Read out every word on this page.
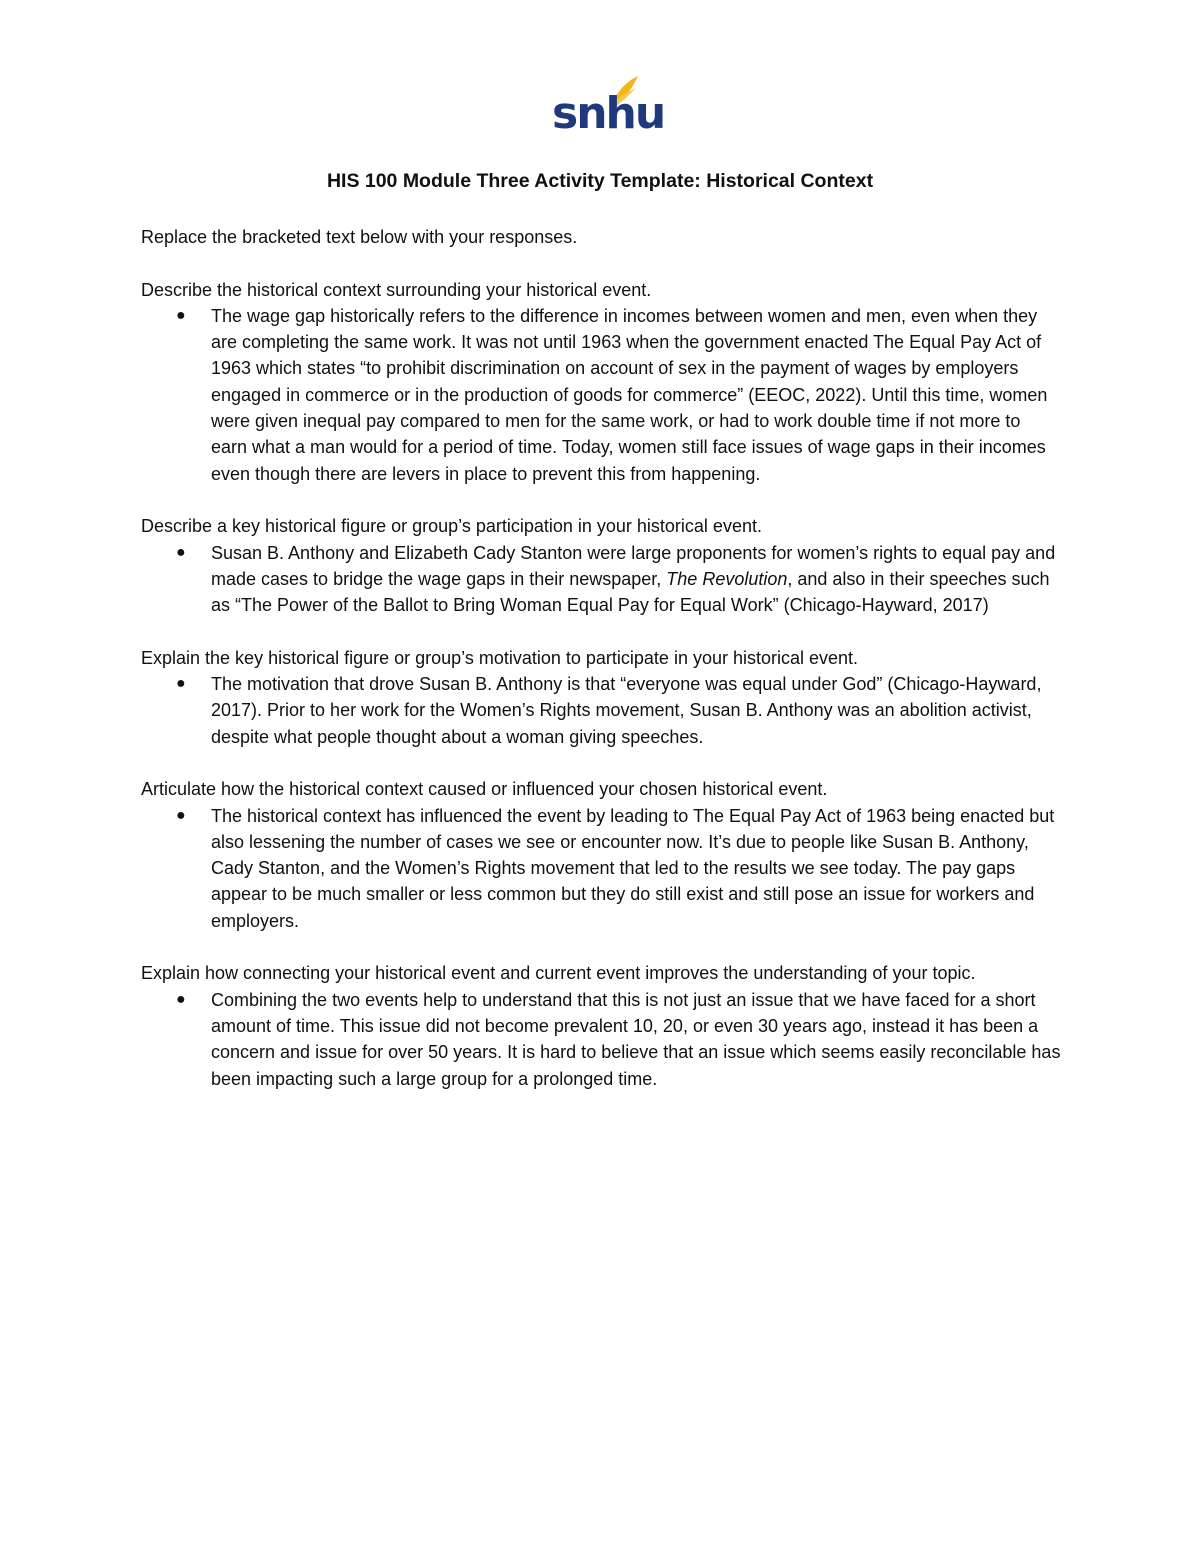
snhu
HIS 100 Module Three Activity Template: Historical Context

Replace the bracketed text below with your responses.

Describe the historical context surrounding your historical event.

● The wage gap historically refers to the difference in incomes between women and men, even when they are completing the same work. It was not until 1963 when the government enacted The Equal Pay Act of 1963 which states “to prohibit discrimination on account of sex in the payment of wages by employers engaged in commerce or in the production of goods for commerce” (EEOC, 2022). Until this time, women were given inequal pay compared to men for the same work, or had to work double time if not more to earn what a man would for a period of time. Today, women still face issues of wage gaps in their incomes even though there are levers in place to prevent this from happening.

Describe a key historical figure or group’s participation in your historical event.

● Susan B. Anthony and Elizabeth Cady Stanton were large proponents for women’s rights to equal pay and made cases to bridge the wage gaps in their newspaper, The Revolution, and also in their speeches such as “The Power of the Ballot to Bring Woman Equal Pay for Equal Work” (Chicago-Hayward, 2017)

Explain the key historical figure or group’s motivation to participate in your historical event.

● The motivation that drove Susan B. Anthony is that “everyone was equal under God” (Chicago-Hayward, 2017). Prior to her work for the Women’s Rights movement, Susan B. Anthony was an abolition activist, despite what people thought about a woman giving speeches.

Articulate how the historical context caused or influenced your chosen historical event.

● The historical context has influenced the event by leading to The Equal Pay Act of 1963 being enacted but also lessening the number of cases we see or encounter now. It’s due to people like Susan B. Anthony, Cady Stanton, and the Women’s Rights movement that led to the results we see today. The pay gaps appear to be much smaller or less common but they do still exist and still pose an issue for workers and employers.

Explain how connecting your historical event and current event improves the understanding of your topic.

● Combining the two events help to understand that this is not just an issue that we have faced for a short amount of time. This issue did not become prevalent 10, 20, or even 30 years ago, instead it has been a concern and issue for over 50 years. It is hard to believe that an issue which seems easily reconcilable has been impacting such a large group for a prolonged time.
